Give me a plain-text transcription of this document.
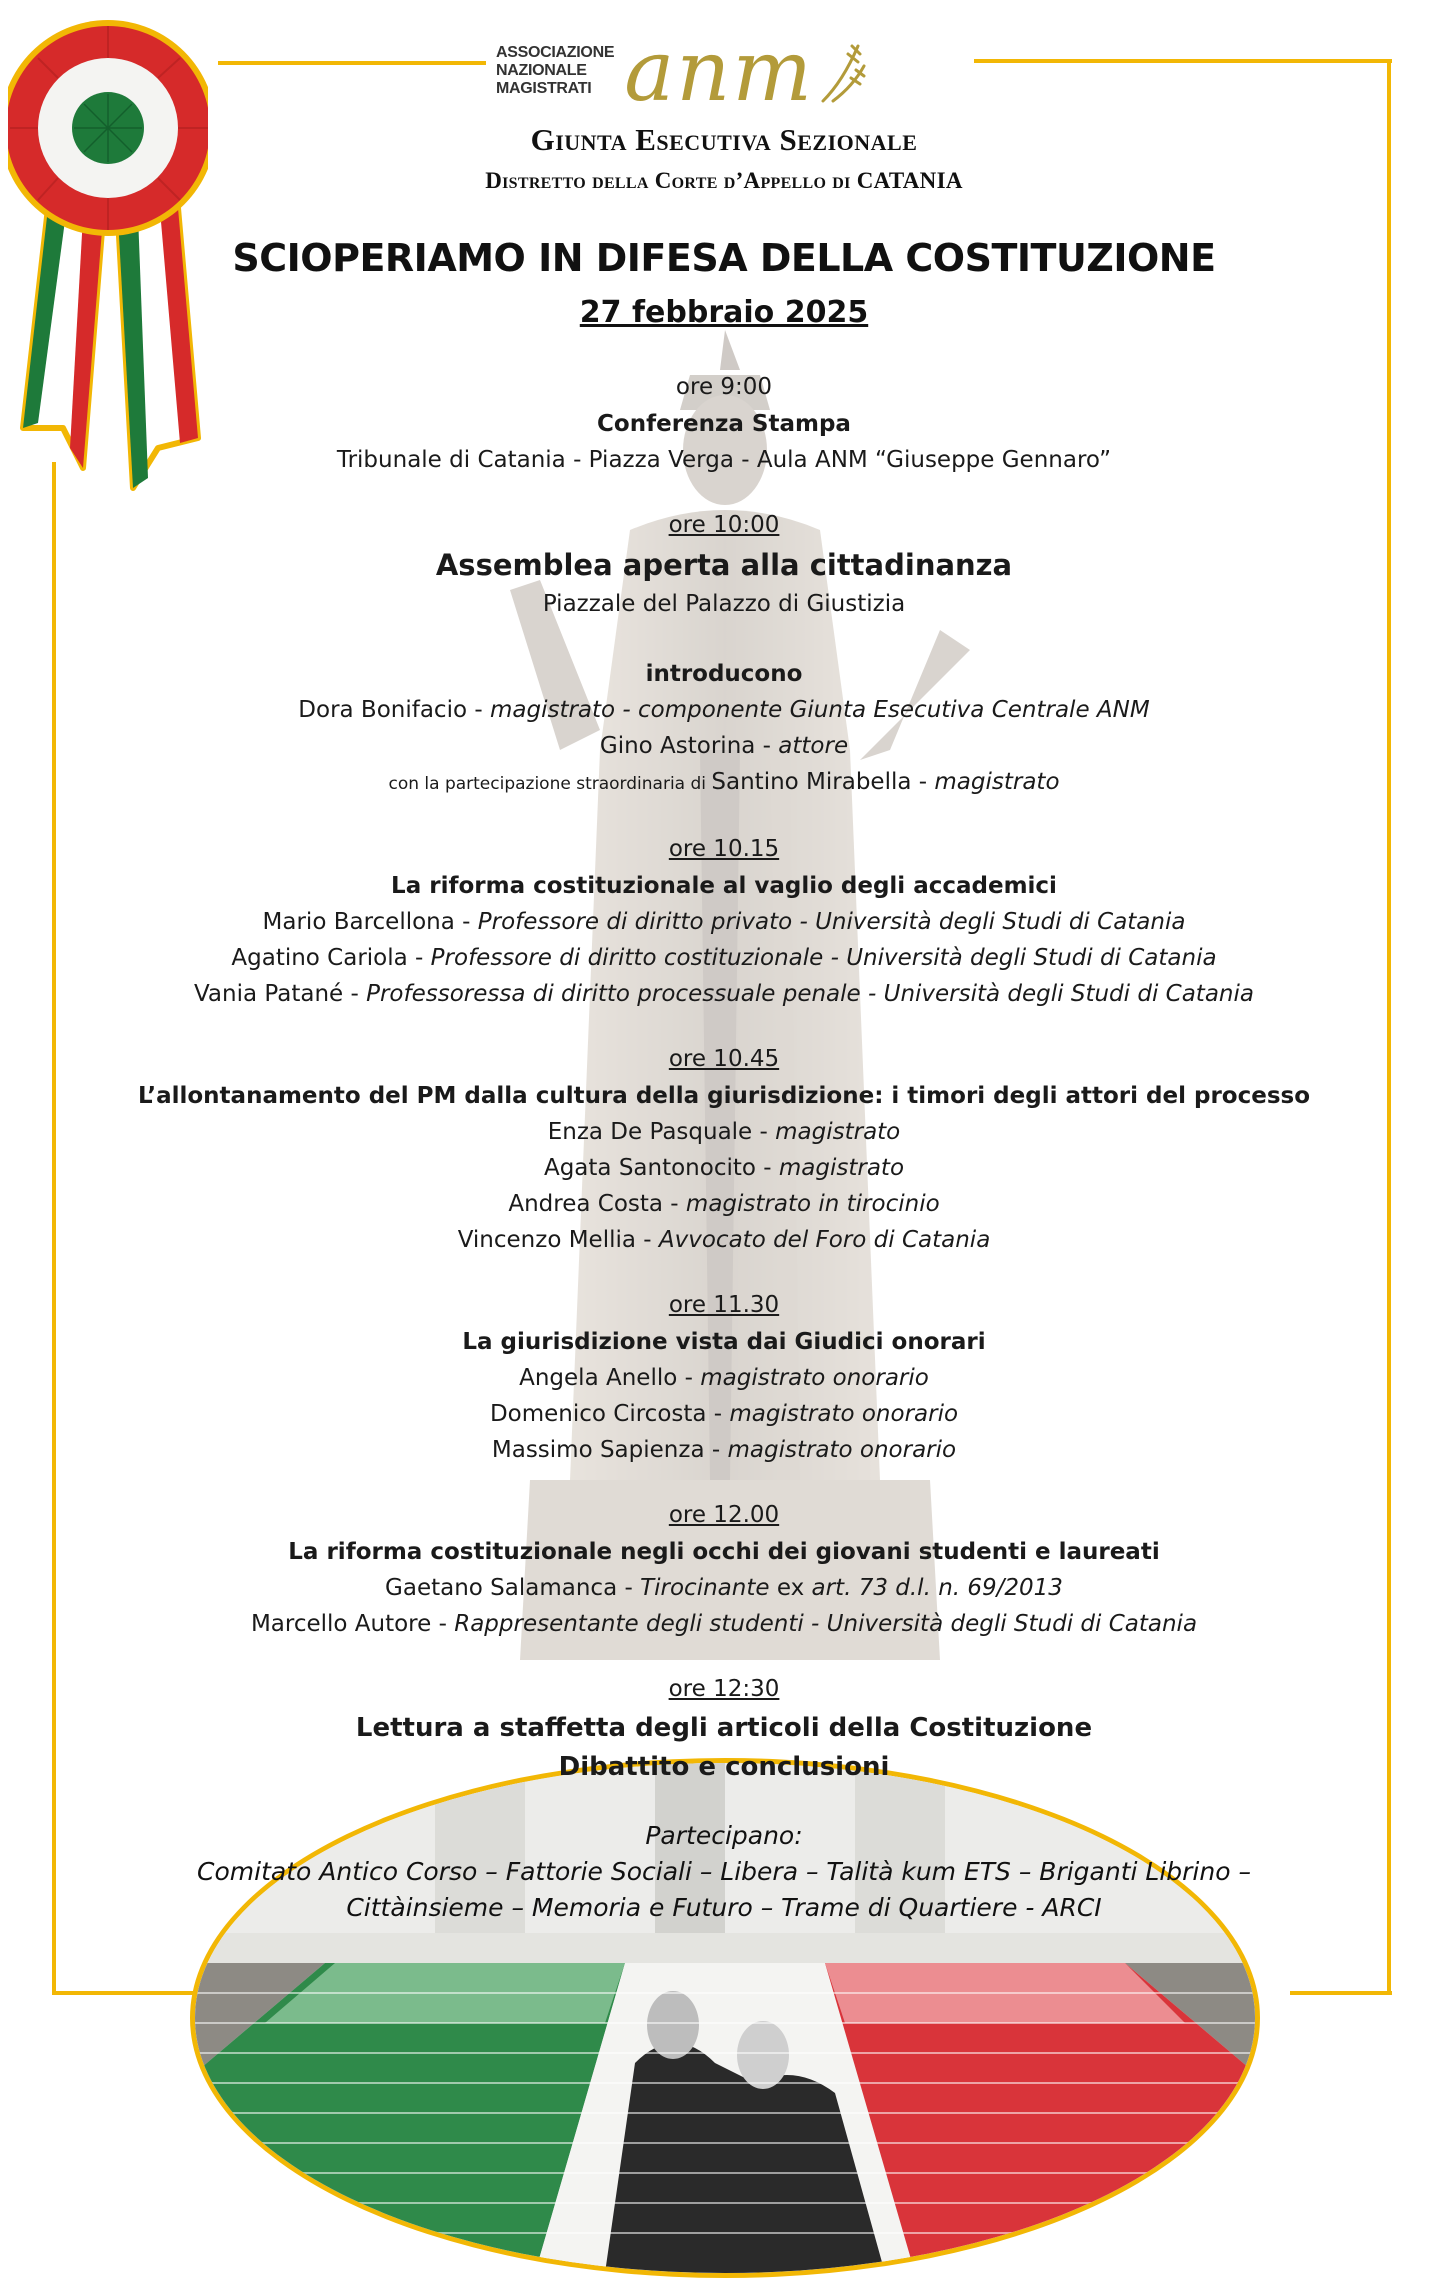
ASSOCIAZIONE
NAZIONALE
MAGISTRATI anm
Giunta Esecutiva Sezionale
Distretto della Corte d’Appello di CATANIA
SCIOPERIAMO IN DIFESA DELLA COSTITUZIONE
27 febbraio 2025
ore 9:00
Conferenza Stampa
Tribunale di Catania - Piazza Verga - Aula ANM “Giuseppe Gennaro”
ore 10:00
Assemblea aperta alla cittadinanza
Piazzale del Palazzo di Giustizia
introducono
Dora Bonifacio - magistrato - componente Giunta Esecutiva Centrale ANM
Gino Astorina - attore
con la partecipazione straordinaria di Santino Mirabella - magistrato
ore 10.15
La riforma costituzionale al vaglio degli accademici
Mario Barcellona - Professore di diritto privato - Università degli Studi di Catania
Agatino Cariola - Professore di diritto costituzionale - Università degli Studi di Catania
Vania Patané - Professoressa di diritto processuale penale - Università degli Studi di Catania
ore 10.45
L’allontanamento del PM dalla cultura della giurisdizione: i timori degli attori del processo
Enza De Pasquale - magistrato
Agata Santonocito - magistrato
Andrea Costa - magistrato in tirocinio
Vincenzo Mellia - Avvocato del Foro di Catania
ore 11.30
La giurisdizione vista dai Giudici onorari
Angela Anello - magistrato onorario
Domenico Circosta - magistrato onorario
Massimo Sapienza - magistrato onorario
ore 12.00
La riforma costituzionale negli occhi dei giovani studenti e laureati
Gaetano Salamanca - Tirocinante ex art. 73 d.l. n. 69/2013
Marcello Autore - Rappresentante degli studenti - Università degli Studi di Catania
ore 12:30
Lettura a staffetta degli articoli della Costituzione
Dibattito e conclusioni
Partecipano:
Comitato Antico Corso – Fattorie Sociali – Libera – Talità kum ETS – Briganti Librino –
Cittàinsieme – Memoria e Futuro – Trame di Quartiere - ARCI
